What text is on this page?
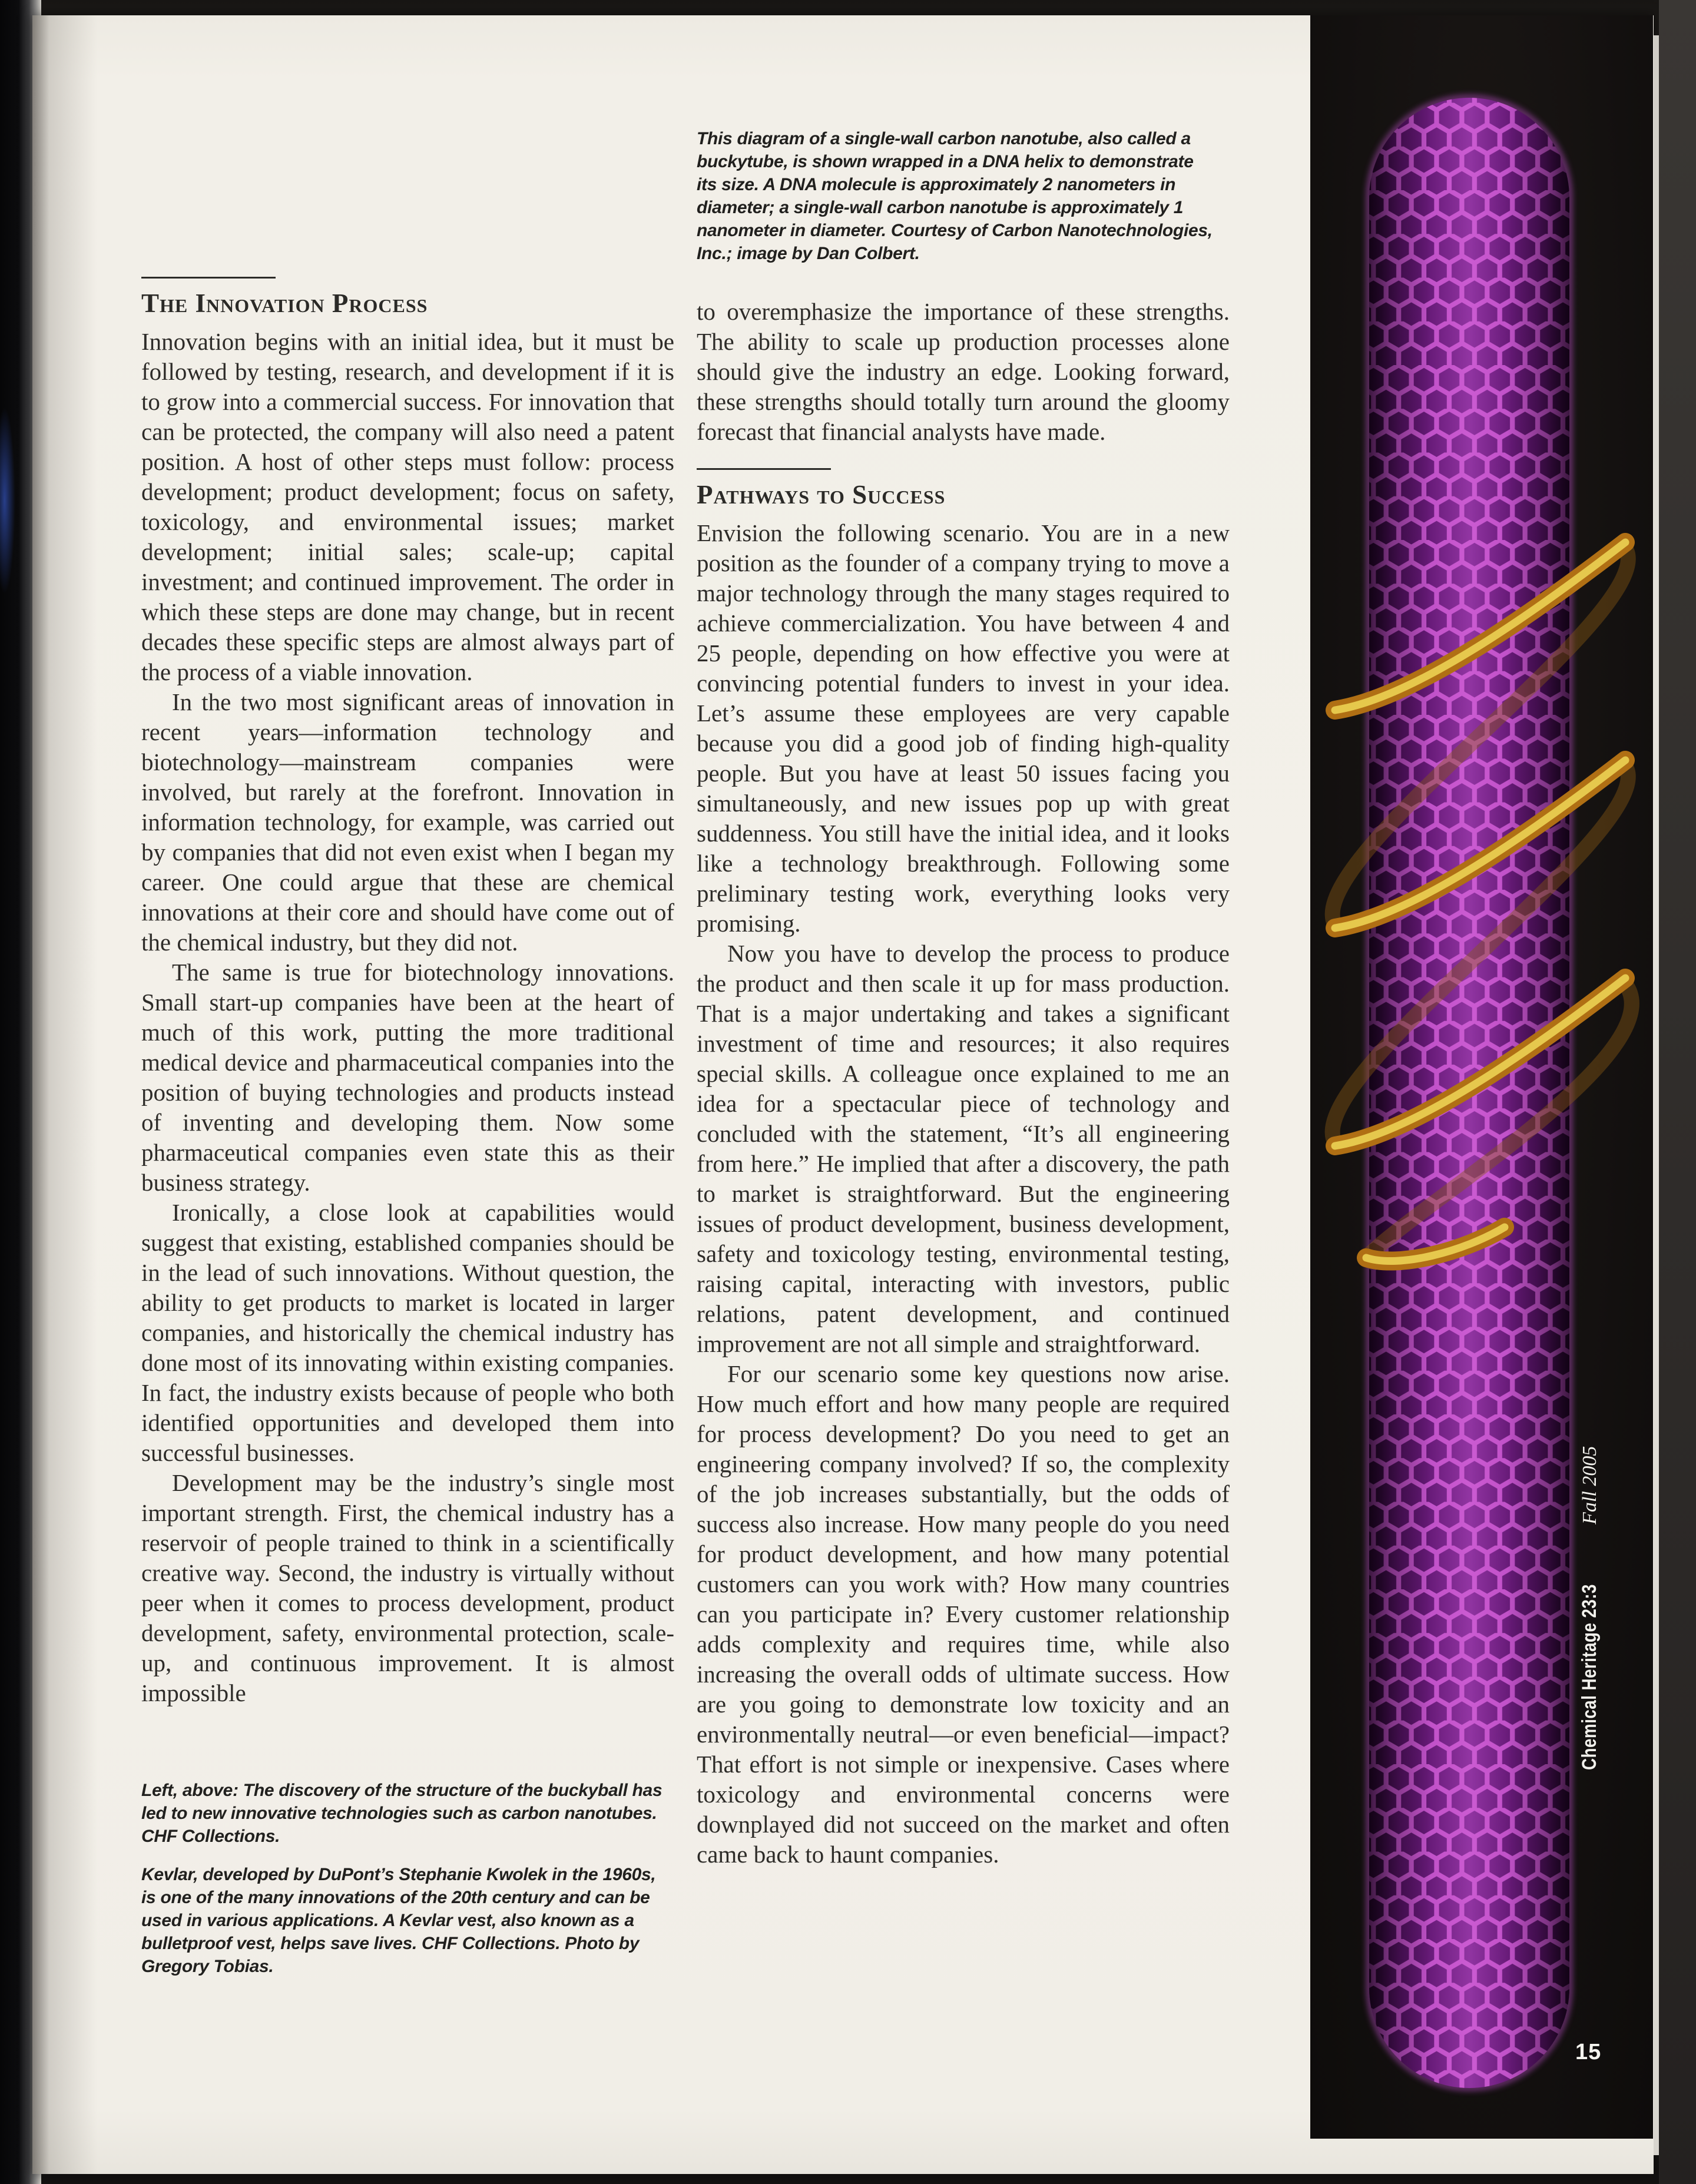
The Innovation Process

Innovation begins with an initial idea, but it must be followed by testing, research, and development if it is to grow into a commercial success. For innovation that can be protected, the company will also need a patent position. A host of other steps must follow: process development; product development; focus on safety, toxicology, and environmental issues; market development; initial sales; scale-up; capital investment; and continued improvement. The order in which these steps are done may change, but in recent decades these specific steps are almost always part of the process of a viable innovation.

In the two most significant areas of innovation in recent years—information technology and biotechnology—mainstream companies were involved, but rarely at the forefront. Innovation in information technology, for example, was carried out by companies that did not even exist when I began my career. One could argue that these are chemical innovations at their core and should have come out of the chemical industry, but they did not.

The same is true for biotechnology innovations. Small start-up companies have been at the heart of much of this work, putting the more traditional medical device and pharmaceutical companies into the position of buying technologies and products instead of inventing and developing them. Now some pharmaceutical companies even state this as their business strategy.

Ironically, a close look at capabilities would suggest that existing, established companies should be in the lead of such innovations. Without question, the ability to get products to market is located in larger companies, and historically the chemical industry has done most of its innovating within existing companies. In fact, the industry exists because of people who both identified opportunities and developed them into successful businesses.

Development may be the industry’s single most important strength. First, the chemical industry has a reservoir of people trained to think in a scientifically creative way. Second, the industry is virtually without peer when it comes to process development, product development, safety, environmental protection, scale-up, and continuous improvement. It is almost impossible

Left, above: The discovery of the structure of the buckyball has led to new innovative technologies such as carbon nanotubes. CHF Collections.

Kevlar, developed by DuPont’s Stephanie Kwolek in the 1960s, is one of the many innovations of the 20th century and can be used in various applications. A Kevlar vest, also known as a bulletproof vest, helps save lives. CHF Collections. Photo by Gregory Tobias.

This diagram of a single-wall carbon nanotube, also called a buckytube, is shown wrapped in a DNA helix to demonstrate its size. A DNA molecule is approximately 2 nanometers in diameter; a single-wall carbon nanotube is approximately 1 nanometer in diameter. Courtesy of Carbon Nanotechnologies, Inc.; image by Dan Colbert.

to overemphasize the importance of these strengths. The ability to scale up production processes alone should give the industry an edge. Looking forward, these strengths should totally turn around the gloomy forecast that financial analysts have made.

Pathways to Success

Envision the following scenario. You are in a new position as the founder of a company trying to move a major technology through the many stages required to achieve commercialization. You have between 4 and 25 people, depending on how effective you were at convincing potential funders to invest in your idea. Let’s assume these employees are very capable because you did a good job of finding high-quality people. But you have at least 50 issues facing you simultaneously, and new issues pop up with great suddenness. You still have the initial idea, and it looks like a technology breakthrough. Following some preliminary testing work, everything looks very promising.

Now you have to develop the process to produce the product and then scale it up for mass production. That is a major undertaking and takes a significant investment of time and resources; it also requires special skills. A colleague once explained to me an idea for a spectacular piece of technology and concluded with the statement, “It’s all engineering from here.” He implied that after a discovery, the path to market is straightforward. But the engineering issues of product development, business development, safety and toxicology testing, environmental testing, raising capital, interacting with investors, public relations, patent development, and continued improvement are not all simple and straightforward.

For our scenario some key questions now arise. How much effort and how many people are required for process development? Do you need to get an engineering company involved? If so, the complexity of the job increases substantially, but the odds of success also increase. How many people do you need for product development, and how many potential customers can you work with? How many countries can you participate in? Every customer relationship adds complexity and requires time, while also increasing the overall odds of ultimate success. How are you going to demonstrate low toxicity and an environmentally neutral—or even beneficial—impact? That effort is not simple or inexpensive. Cases where toxicology and environmental concerns were downplayed did not succeed on the market and often came back to haunt companies.

Chemical Heritage 23:3 Fall 2005
15
